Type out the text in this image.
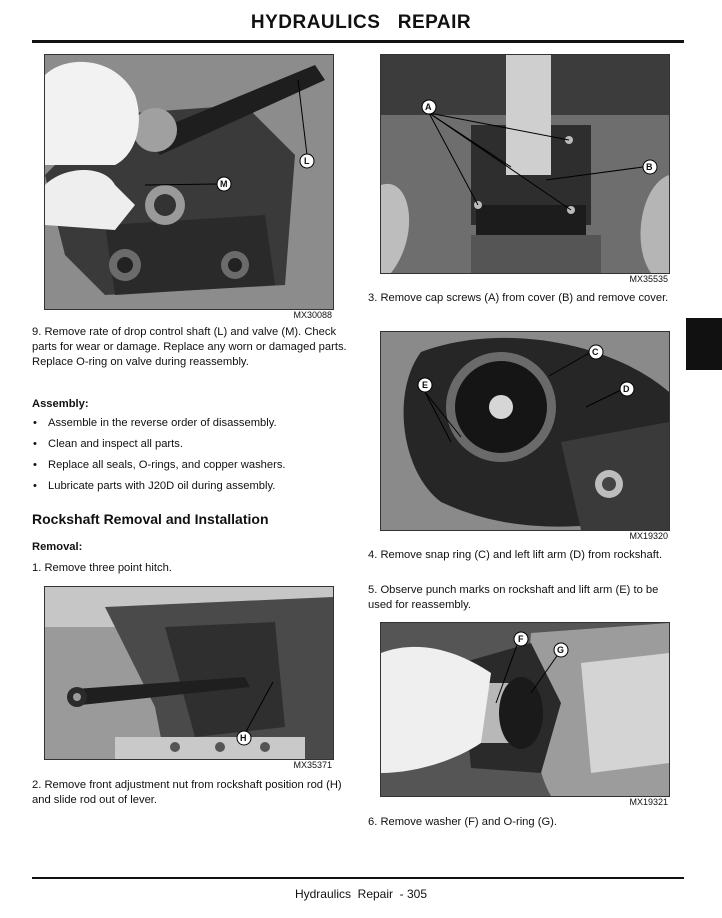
HYDRAULICS   REPAIR
L
M
MX30088
9. Remove rate of drop control shaft (L) and valve (M). Check parts for wear or damage. Replace any worn or damaged parts. Replace O-ring on valve during reassembly.
Assembly:
• Assemble in the reverse order of disassembly.
• Clean and inspect all parts.
• Replace all seals, O-rings, and copper washers.
• Lubricate parts with J20D oil during assembly.
Rockshaft Removal and Installation
Removal:
1. Remove three point hitch.
H
MX35371
2. Remove front adjustment nut from rockshaft position rod (H) and slide rod out of lever.
A
B
MX35535
3. Remove cap screws (A) from cover (B) and remove cover.
C
D
E
MX19320
4. Remove snap ring (C) and left lift arm (D) from rockshaft.
5. Observe punch marks on rockshaft and lift arm (E) to be used for reassembly.
F
G
MX19321
6. Remove washer (F) and O-ring (G).
Hydraulics  Repair  - 305
